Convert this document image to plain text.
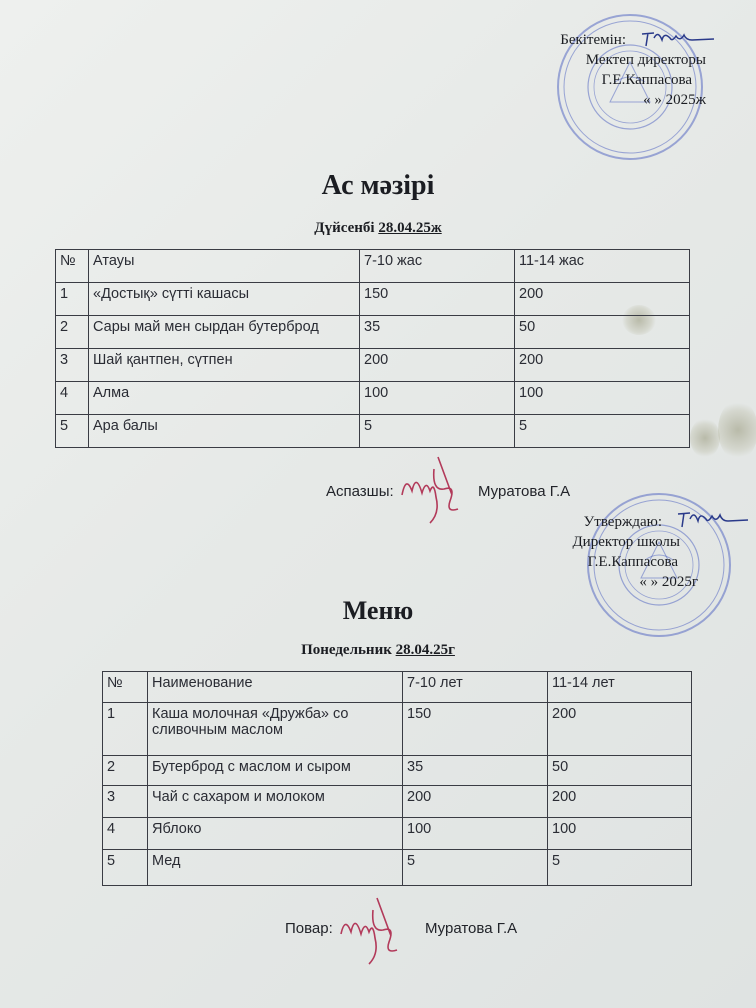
Бекітемін:
Мектеп директоры
Г.Е.Каппасова
« » 2025ж
Ас мәзірі
Дүйсенбі 28.04.25ж
№	Атауы	7-10 жас	11-14 жас
1	«Достық» сүтті кашасы	150	200
2	Сары май мен сырдан бутерброд	35	50
3	Шай қантпен, сүтпен	200	200
4	Алма	100	100
5	Ара балы	5	5
Аспазшы:	Муратова Г.А
Утверждаю:
Директор школы
Г.Е.Каппасова
« » 2025г
Меню
Понедельник 28.04.25г
№	Наименование	7-10 лет	11-14 лет
1	Каша молочная «Дружба» со сливочным маслом	150	200
2	Бутерброд с маслом и сыром	35	50
3	Чай с сахаром и молоком	200	200
4	Яблоко	100	100
5	Мед	5	5
Повар:	Муратова Г.А
